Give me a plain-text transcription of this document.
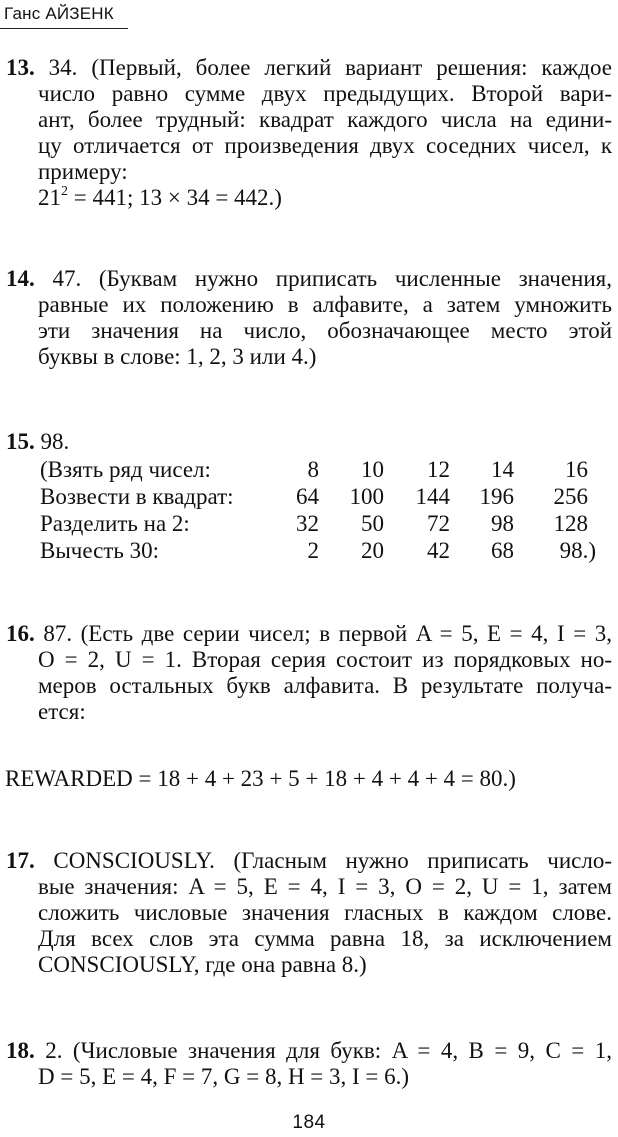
Ганс АЙЗЕНК
13. 34. (Первый, более легкий вариант решения: каждое
число равно сумме двух предыдущих. Второй вари-
ант, более трудный: квадрат каждого числа на едини-
цу отличается от произведения двух соседних чисел, к
примеру:
$21^2 = 441$; 13 × 34 = 442.)
14. 47. (Буквам нужно приписать численные значения,
равные их положению в алфавите, а затем умножить
эти значения на число, обозначающее место этой
буквы в слове: 1, 2, 3 или 4.)
15. 98.
(Взять ряд чисел:	8 10 12 14 16
Возвести в квадрат:	64 100 144 196 256
Разделить на 2:	32 50 72 98 128
Вычесть 30:	2 20 42 68 98.)
16. 87. (Есть две серии чисел; в первой A = 5, E = 4, I = 3,
O = 2, U = 1. Вторая серия состоит из порядковых но-
меров остальных букв алфавита. В результате получа-
ется:
REWARDED = 18 + 4 + 23 + 5 + 18 + 4 + 4 + 4 = 80.)
17. CONSCIOUSLY. (Гласным нужно приписать число-
вые значения: A = 5, E = 4, I = 3, O = 2, U = 1, затем
сложить числовые значения гласных в каждом слове.
Для всех слов эта сумма равна 18, за исключением
CONSCIOUSLY, где она равна 8.)
18. 2. (Числовые значения для букв: A = 4, B = 9, C = 1,
D = 5, E = 4, F = 7, G = 8, H = 3, I = 6.)
184
